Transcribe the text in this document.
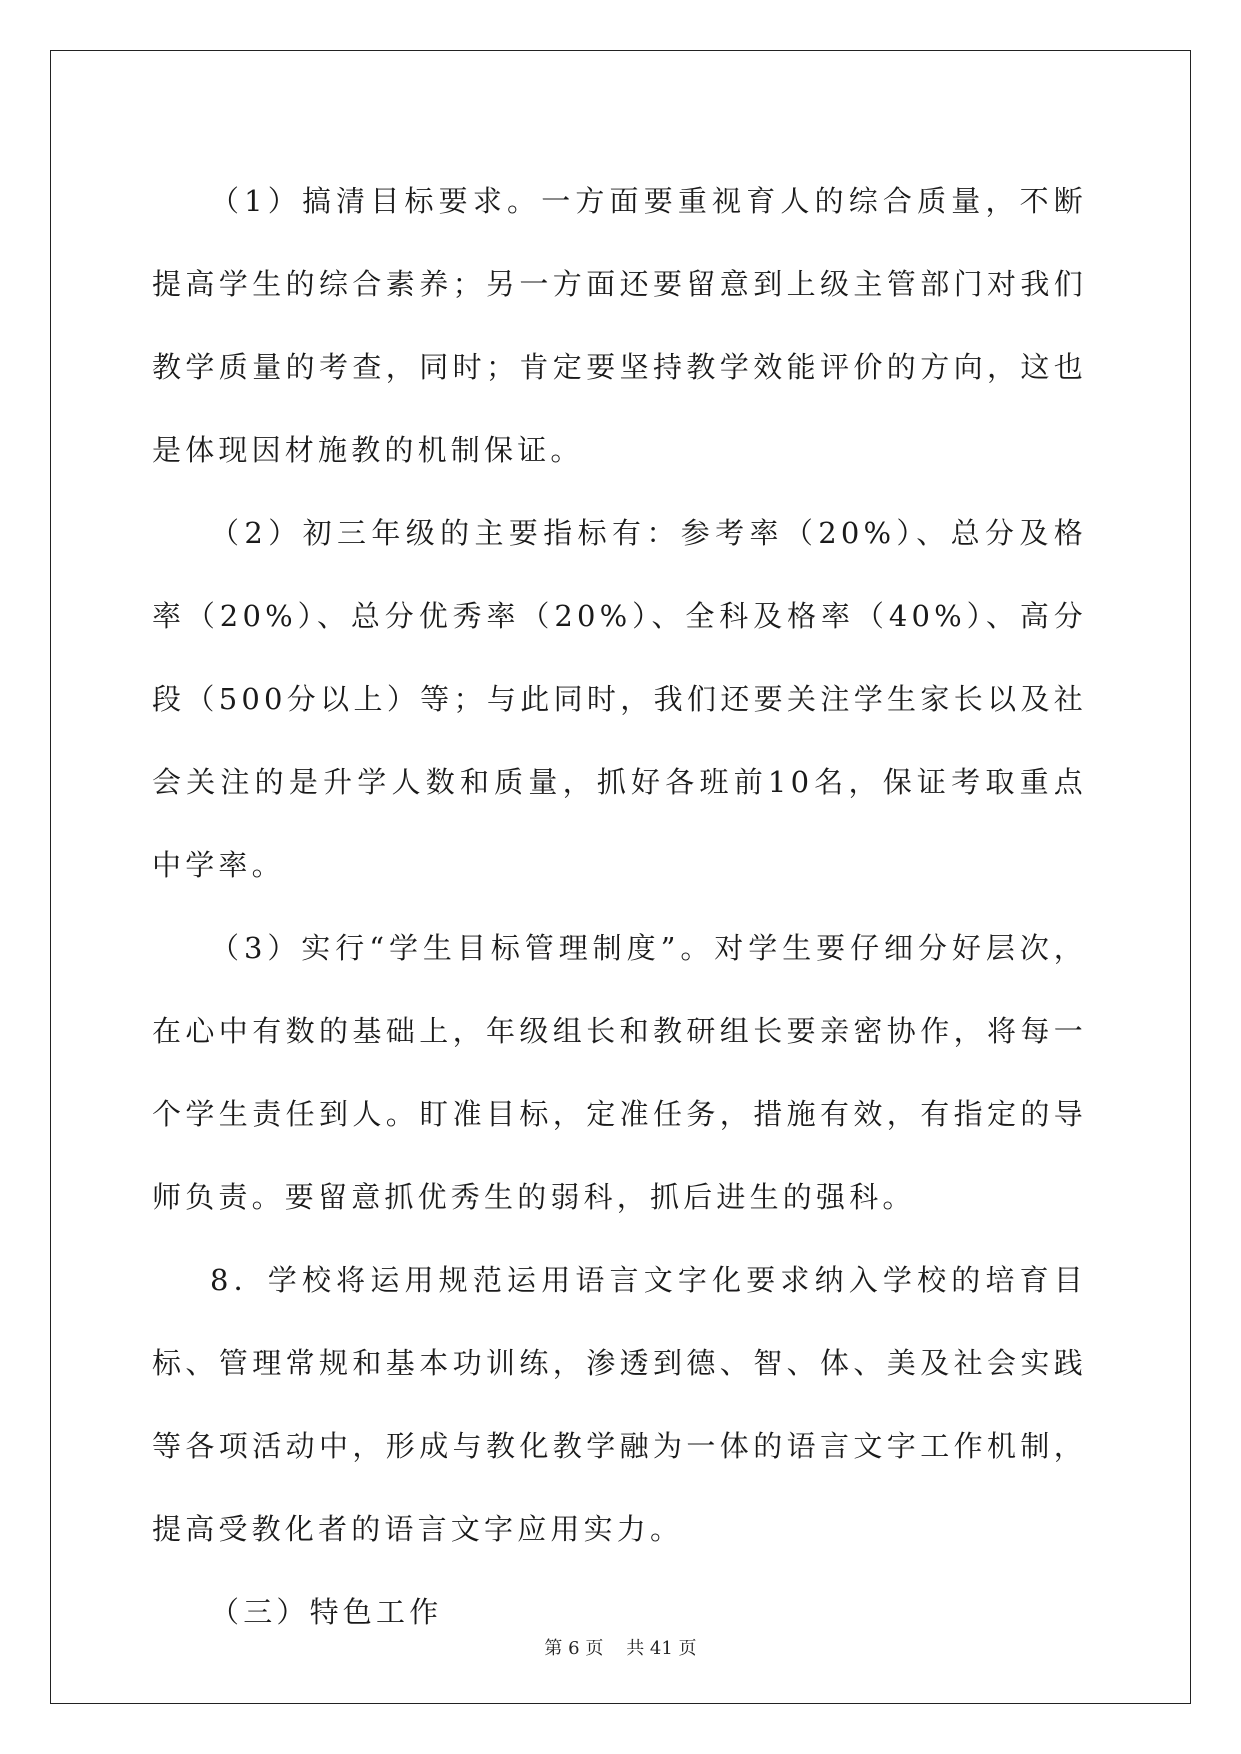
（1）搞清目标要求。一方面要重视育人的综合质量，不断提高学生的综合素养；另一方面还要留意到上级主管部门对我们教学质量的考查，同时；肯定要坚持教学效能评价的方向，这也是体现因材施教的机制保证。

（2）初三年级的主要指标有：参考率（20%）、总分及格率（20%）、总分优秀率（20%）、全科及格率（40%）、高分段（500分以上）等；与此同时，我们还要关注学生家长以及社会关注的是升学人数和质量，抓好各班前10名，保证考取重点中学率。

（3）实行“学生目标管理制度”。对学生要仔细分好层次，在心中有数的基础上，年级组长和教研组长要亲密协作，将每一个学生责任到人。盯准目标，定准任务，措施有效，有指定的导师负责。要留意抓优秀生的弱科，抓后进生的强科。

8．学校将运用规范运用语言文字化要求纳入学校的培育目标、管理常规和基本功训练，渗透到德、智、体、美及社会实践等各项活动中，形成与教化教学融为一体的语言文字工作机制，提高受教化者的语言文字应用实力。

（三）特色工作

第 6 页    共 41 页
